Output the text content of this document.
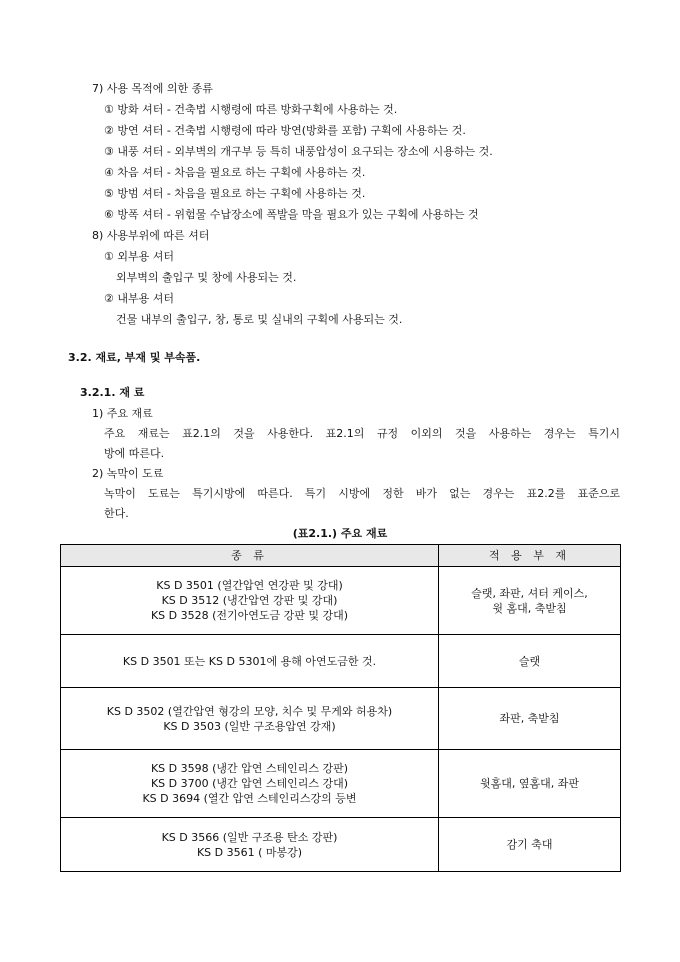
7) 사용 목적에 의한 종류
① 방화 셔터 - 건축법 시행령에 따른 방화구획에 사용하는 것.
② 방연 셔터 - 건축법 시행령에 따라 방연(방화를 포함) 구획에 사용하는 것.
③ 내풍 셔터 - 외부벽의 개구부 등 특히 내풍압성이 요구되는 장소에 시용하는 것.
④ 차음 셔터 - 차음을 필요로 하는 구획에 사용하는 것.
⑤ 방범 셔터 - 차음을 필요로 하는 구획에 사용하는 것.
⑥ 방폭 셔터 - 위험물 수납장소에 폭발을 막을 필요가 있는 구획에 사용하는 것
8) 사용부위에 따른 셔터
① 외부용 셔터
외부벽의 출입구 및 창에 사용되는 것.
② 내부용 셔터
건물 내부의 출입구, 창, 통로 및 실내의 구획에 사용되는 것.
3.2. 재료, 부재 및 부속품.
3.2.1. 재 료
1) 주요 재료
주요 재료는 표2.1의 것을 사용한다. 표2.1의 규정 이외의 것을 사용하는 경우는 특기시
방에 따른다.
2) 녹막이 도료
녹막이 도료는 특기시방에 따른다. 특기 시방에 정한 바가 없는 경우는 표2.2를 표준으로
한다.
(표2.1.) 주요 재료
종 류	적 용 부 재

KS D 3501 (열간압연 연강판 및 강대)
KS D 3512 (냉간압연 강판 및 강대)
KS D 3528 (전기아연도금 강판 및 강대)	슬랫, 좌판, 셔터 케이스,
윗 홈대, 축받침

KS D 3501 또는 KS D 5301에 용해 아연도금한 것.	슬랫

KS D 3502 (열간압연 형강의 모양, 치수 및 무게와 허용차)
KS D 3503 (일반 구조용압연 강재)	좌판, 축받침

KS D 3598 (냉간 압연 스테인리스 강판)
KS D 3700 (냉간 압연 스테인리스 강대)
KS D 3694 (열간 압연 스테인리스강의 등변	윗홈대, 옆홈대, 좌판

KS D 3566 (일반 구조용 탄소 강판)
KS D 3561 ( 마봉강)	감기 축대
